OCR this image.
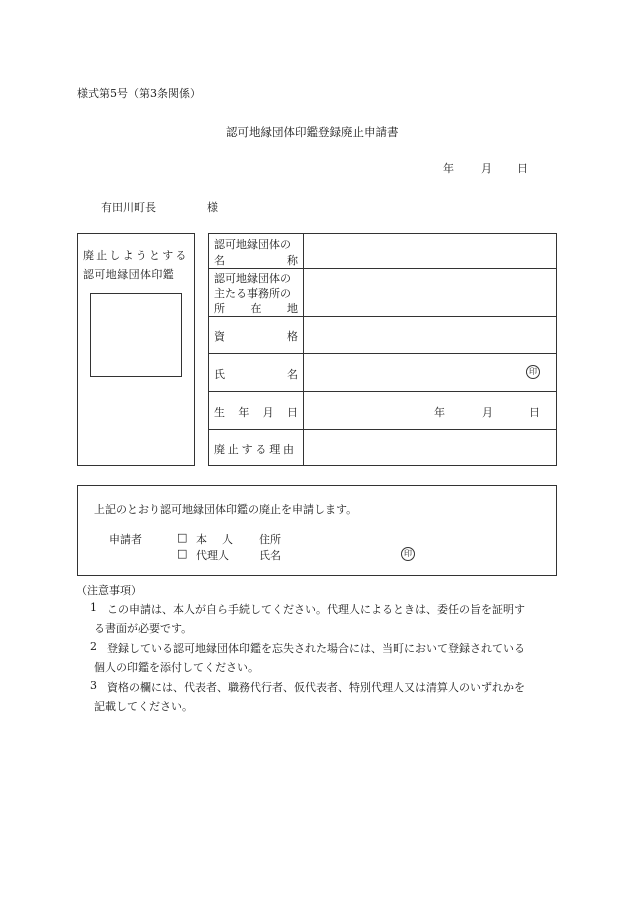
様式第5号（第3条関係）
認可地縁団体印鑑登録廃止申請書
年 月 日
有田川町長	様
廃止しようとする
認可地縁団体印鑑
認可地縁団体の
名	称
認可地縁団体の
主たる事務所の
所 在 地
資	格
氏	名	印
生 年 月 日	年	月	日
廃止する理由
上記のとおり認可地縁団体印鑑の廃止を申請します。
申請者	□ 本 人 住所
□ 代理人	氏名	印
（注意事項）
1 この申請は、本人が自ら手続してください。代理人によるときは、委任の旨を証明す
る書面が必要です。
2 登録している認可地縁団体印鑑を忘失された場合には、当町において登録されている
個人の印鑑を添付してください。
3 資格の欄には、代表者、職務代行者、仮代表者、特別代理人又は清算人のいずれかを
記載してください。
